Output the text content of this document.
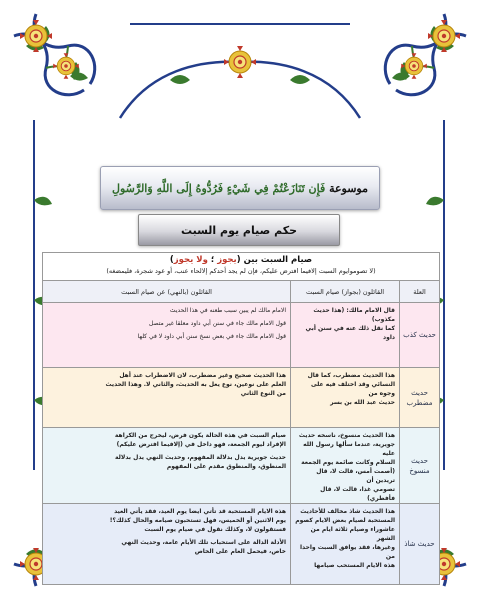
موسوعة فَإِن تَنَازَعْتُمْ فِي شَيْءٍ فَرُدُّوهُ إِلَى اللَّهِ وَالرَّسُولِ
حكم صيام يوم السبت
صيام السبت بين (يجوز ؛ ولا يجوز)
(لا تصوموايوم السبت إلافيما افترض عليكم، فإن لم يجد أحدكم إلالحاء عنب، أو عود شجرة، فليمضغه)
العلة
القائلون (بجواز) صيام السبت
القائلون (بالنهي) عن صيام السبت
حديث كذب
قال الامام مالك: (هذا حديث مكذوب)
كما نقل ذلك عنه في سنن أبي داود
الامام مالك لم يبين سبب طعنه في هذا الحديث
قول الامام مالك جاء في سنن أبي داود معلقا غير متصل
قول الامام مالك جاء في بعض نسخ سنن أبي داود لا في كلها
حديث مضطرب
هذا الحديث مضطرب، كما قال
النسائي وقد اختلف فيه على وجوه من
حديث عبد الله بن بسر
هذا الحديث صحيح وغير مضطرب، لان الاضطراب عند أهل
العلم على نوعين، نوع يعل به الحديث، والثاني لا. وهذا الحديث
من النوع الثاني
حديث منسوخ
هذا الحديث منسوخ، ناسخه حديث
جويرية، عندما سألها رسول الله عليه
السلام وكانت صائمة يوم الجمعة
(أصمت أمس، قالت لا، قال تريدين أن
تصومي غدا، قالت لا، قال فأفطري)
صيام السبت في هذه الحالة يكون فرض، ليخرج من الكراهة
الإفراد ليوم الجمعة، فهو داخل في (إلافيما افترض عليكم)
حديث جويرية يدل بدلالة المفهوم، وحديث النهي يدل بدلالة
المنطوق، والمنطوق مقدم على المفهوم
حديث شاذ
هذا الحديث شاذ مخالف للأحاديث
المستحبة لصيام بعض الايام كصوم
عاشوراء وصيام ثلاثة ايام من الشهر
وغيرها، فقد يوافق السبت واحدا من
هذه الايام المستحب صيامها
هذه الايام المستحبة قد تأتي ايضا يوم العيد، فقد يأتي العيد
يوم الاثنين أو الخميس، فهل تستحبون صيامه والحال كذلك؟!
فستقولون لا، وكذلك نقول في صيام يوم السبت
الأدلة الدالة على استحباب تلك الأيام عامة، وحديث النهي
خاص، فيحمل العام على الخاص
